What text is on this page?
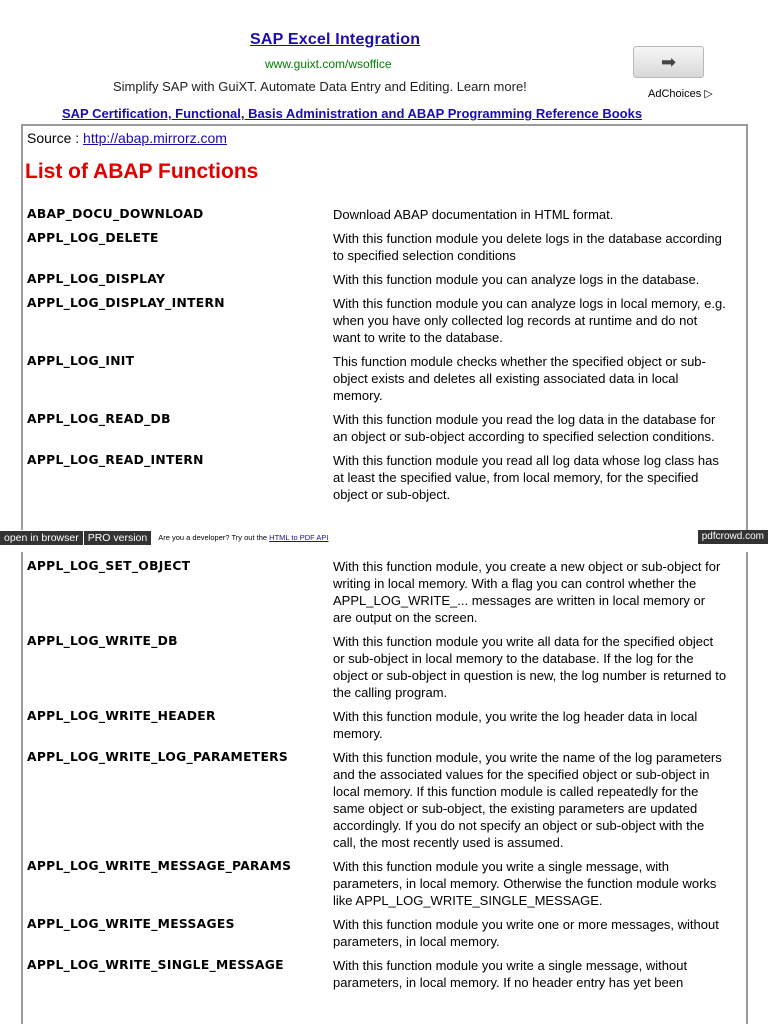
SAP Excel Integration
www.guixt.com/wsoffice
Simplify SAP with GuiXT. Automate Data Entry and Editing. Learn more!
➡
AdChoices ▷
SAP Certification, Functional, Basis Administration and ABAP Programming Reference Books
Source : http://abap.mirrorz.com
List of ABAP Functions
ABAP_DOCU_DOWNLOAD	Download ABAP documentation in HTML format.
APPL_LOG_DELETE	With this function module you delete logs in the database according to specified selection conditions
APPL_LOG_DISPLAY	With this function module you can analyze logs in the database.
APPL_LOG_DISPLAY_INTERN	With this function module you can analyze logs in local memory, e.g. when you have only collected log records at runtime and do not want to write to the database.
APPL_LOG_INIT	This function module checks whether the specified object or sub-object exists and deletes all existing associated data in local memory.
APPL_LOG_READ_DB	With this function module you read the log data in the database for an object or sub-object according to specified selection conditions.
APPL_LOG_READ_INTERN	With this function module you read all log data whose log class has at least the specified value, from local memory, for the specified object or sub-object.
open in browser PRO version	Are you a developer? Try out the HTML to PDF API	pdfcrowd.com
APPL_LOG_SET_OBJECT	With this function module, you create a new object or sub-object for writing in local memory. With a flag you can control whether the APPL_LOG_WRITE_... messages are written in local memory or are output on the screen.
APPL_LOG_WRITE_DB	With this function module you write all data for the specified object or sub-object in local memory to the database. If the log for the object or sub-object in question is new, the log number is returned to the calling program.
APPL_LOG_WRITE_HEADER	With this function module, you write the log header data in local memory.
APPL_LOG_WRITE_LOG_PARAMETERS	With this function module, you write the name of the log parameters and the associated values for the specified object or sub-object in local memory. If this function module is called repeatedly for the same object or sub-object, the existing parameters are updated accordingly. If you do not specify an object or sub-object with the call, the most recently used is assumed.
APPL_LOG_WRITE_MESSAGE_PARAMS	With this function module you write a single message, with parameters, in local memory. Otherwise the function module works like APPL_LOG_WRITE_SINGLE_MESSAGE.
APPL_LOG_WRITE_MESSAGES	With this function module you write one or more messages, without parameters, in local memory.
APPL_LOG_WRITE_SINGLE_MESSAGE	With this function module you write a single message, without parameters, in local memory. If no header entry has yet been
